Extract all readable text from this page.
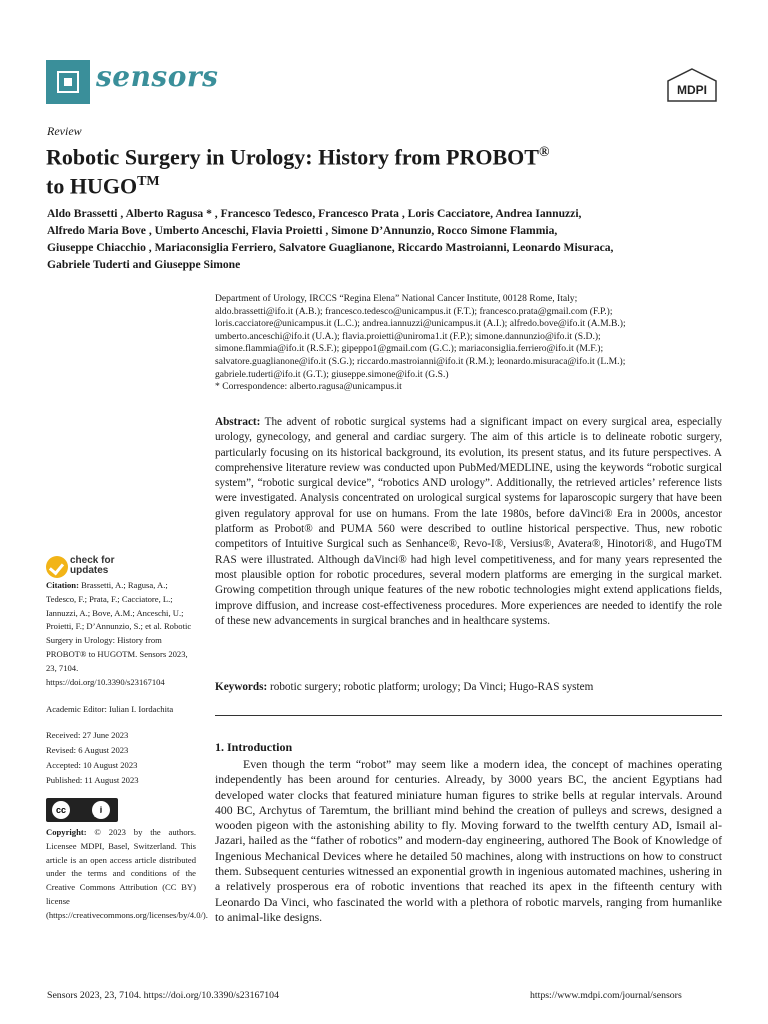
sensors	MDPI
Review
Robotic Surgery in Urology: History from PROBOT®
to HUGO™
Aldo Brassetti , Alberto Ragusa * , Francesco Tedesco, Francesco Prata , Loris Cacciatore, Andrea Iannuzzi,
Alfredo Maria Bove , Umberto Anceschi, Flavia Proietti , Simone D’Annunzio, Rocco Simone Flammia,
Giuseppe Chiacchio , Mariaconsiglia Ferriero, Salvatore Guaglianone, Riccardo Mastroianni, Leonardo Misuraca,
Gabriele Tuderti and Giuseppe Simone
Department of Urology, IRCCS “Regina Elena” National Cancer Institute, 00128 Rome, Italy;
aldo.brassetti@ifo.it (A.B.); francesco.tedesco@unicampus.it (F.T.); francesco.prata@gmail.com (F.P.);
loris.cacciatore@unicampus.it (L.C.); andrea.iannuzzi@unicampus.it (A.I.); alfredo.bove@ifo.it (A.M.B.);
umberto.anceschi@ifo.it (U.A.); flavia.proietti@uniroma1.it (F.P.); simone.dannunzio@ifo.it (S.D.);
simone.flammia@ifo.it (R.S.F.); gipeppo1@gmail.com (G.C.); mariaconsiglia.ferriero@ifo.it (M.F.);
salvatore.guaglianone@ifo.it (S.G.); riccardo.mastroianni@ifo.it (R.M.); leonardo.misuraca@ifo.it (L.M.);
gabriele.tuderti@ifo.it (G.T.); giuseppe.simone@ifo.it (G.S.)
* Correspondence: alberto.ragusa@unicampus.it
Abstract: The advent of robotic surgical systems had a significant impact on every surgical area, especially urology, gynecology, and general and cardiac surgery. The aim of this article is to delineate robotic surgery, particularly focusing on its historical background, its evolution, its present status, and its future perspectives. A comprehensive literature review was conducted upon PubMed/MEDLINE, using the keywords “robotic surgical system”, “robotic surgical device”, “robotics AND urology”. Additionally, the retrieved articles’ reference lists were investigated. Analysis concentrated on urological surgical systems for laparoscopic surgery that have been given regulatory approval for use on humans. From the late 1980s, before daVinci® Era in 2000s, ancestor platform as Probot® and PUMA 560 were described to outline historical perspective. Thus, new robotic competitors of Intuitive Surgical such as Senhance®, Revo-I®, Versius®, Avatera®, Hinotori®, and HugoTM RAS were illustrated. Although daVinci® had high level competitiveness, and for many years represented the most plausible option for robotic procedures, several modern platforms are emerging in the surgical market. Growing competition through unique features of the new robotic technologies might extend applications fields, improve diffusion, and increase cost-effectiveness procedures. More experiences are needed to identify the role of these new advancements in surgical branches and in healthcare systems.
Keywords: robotic surgery; robotic platform; urology; Da Vinci; Hugo-RAS system
1. Introduction
Even though the term “robot” may seem like a modern idea, the concept of machines operating independently has been around for centuries. Already, by 3000 years BC, the ancient Egyptians had developed water clocks that featured miniature human figures to strike bells at regular intervals. Around 400 BC, Archytus of Taremtum, the brilliant mind behind the creation of pulleys and screws, designed a wooden pigeon with the astonishing ability to fly. Moving forward to the twelfth century AD, Ismail al-Jazari, hailed as the “father of robotics” and modern-day engineering, authored The Book of Knowledge of Ingenious Mechanical Devices where he detailed 50 machines, along with instructions on how to construct them. Subsequent centuries witnessed an exponential growth in ingenious automated machines, ushering in a relatively prosperous era of robotic inventions that reached its apex in the fifteenth century with Leonardo Da Vinci, who fascinated the world with a plethora of robotic marvels, ranging from humanlike to animal-like designs.
check for
updates
Citation: Brassetti, A.; Ragusa, A.; Tedesco, F.; Prata, F.; Cacciatore, L.; Iannuzzi, A.; Bove, A.M.; Anceschi, U.; Proietti, F.; D’Annunzio, S.; et al. Robotic Surgery in Urology: History from PROBOT® to HUGOTM. Sensors 2023, 23, 7104. https://doi.org/10.3390/s23167104
Academic Editor: Iulian I. Iordachita
Received: 27 June 2023
Revised: 6 August 2023
Accepted: 10 August 2023
Published: 11 August 2023
cc	i
BY
Copyright: © 2023 by the authors. Licensee MDPI, Basel, Switzerland. This article is an open access article distributed under the terms and conditions of the Creative Commons Attribution (CC BY) license (https://creativecommons.org/licenses/by/4.0/).
Sensors 2023, 23, 7104. https://doi.org/10.3390/s23167104	https://www.mdpi.com/journal/sensors
